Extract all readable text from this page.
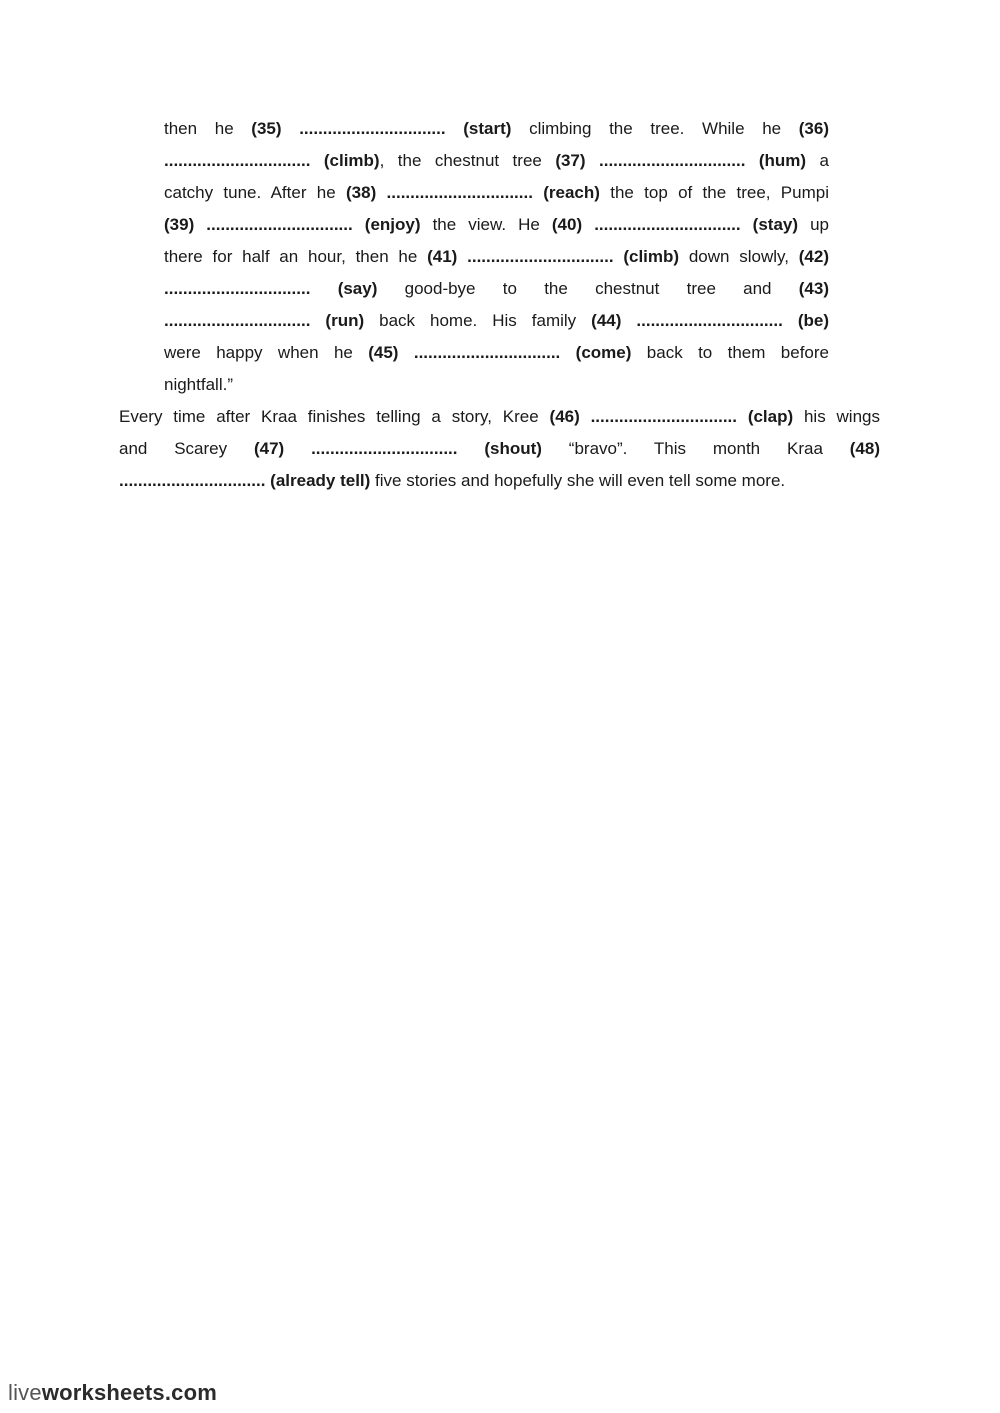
then he (35) ............................... (start) climbing the tree. While he (36)
............................... (climb), the chestnut tree (37) ............................... (hum) a
catchy tune. After he (38) ............................... (reach) the top of the tree, Pumpi
(39) ............................... (enjoy) the view. He (40) ............................... (stay) up
there for half an hour, then he (41) ............................... (climb) down slowly, (42)
............................... (say) good-bye to the chestnut tree and (43)
............................... (run) back home. His family (44) ............................... (be)
were happy when he (45) ............................... (come) back to them before
nightfall.”
Every time after Kraa finishes telling a story, Kree (46) ............................... (clap) his wings
and Scarey (47) ............................... (shout) “bravo”. This month Kraa (48)
............................... (already tell) five stories and hopefully she will even tell some more.
liveworksheets.com
